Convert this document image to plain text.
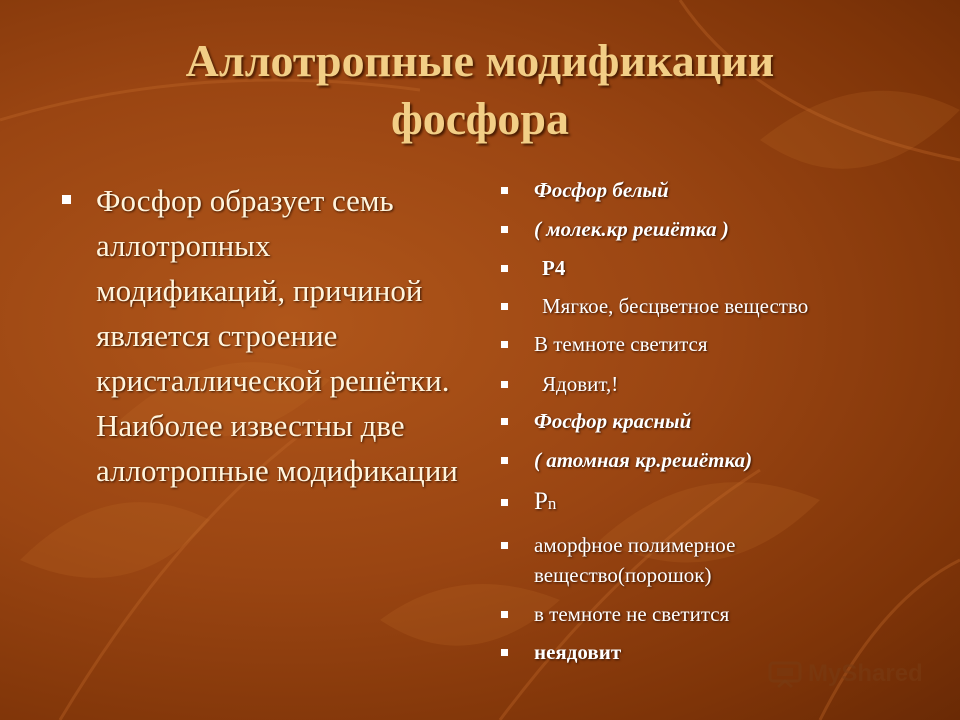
Аллотропные модификации
фосфора
Фосфор образует семь аллотропных модификаций, причиной является строение кристаллической решётки. Наиболее известны две аллотропные модификации
Фосфор белый
( молек.кр решётка )
Р4
Мягкое, бесцветное вещество
В темноте светится
Ядовит,!
Фосфор красный
( атомная кр.решётка)
Рn
аморфное полимерное вещество(порошок)
в темноте не светится
неядовит
MyShared
